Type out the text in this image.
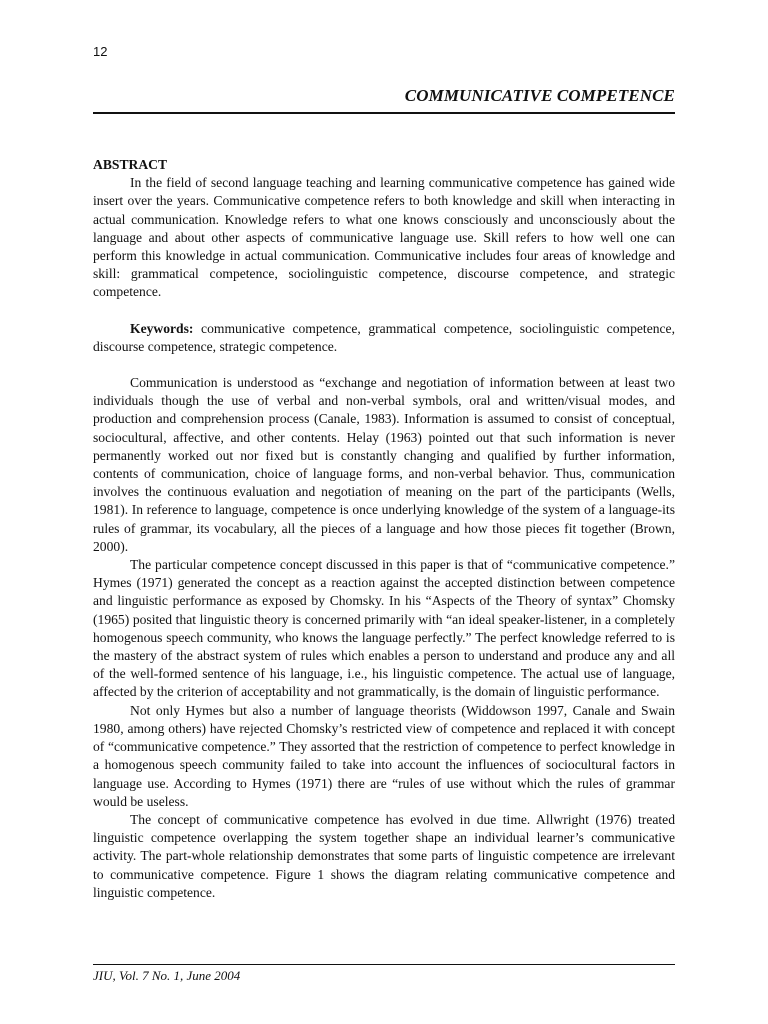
12
COMMUNICATIVE COMPETENCE

ABSTRACT

In the field of second language teaching and learning communicative competence has gained wide insert over the years. Communicative competence refers to both knowledge and skill when interacting in actual communication. Knowledge refers to what one knows consciously and unconsciously about the language and about other aspects of communicative language use. Skill refers to how well one can perform this knowledge in actual communication. Communicative includes four areas of knowledge and skill: grammatical competence, sociolinguistic competence, discourse competence, and strategic competence.

Keywords: communicative competence, grammatical competence, sociolinguistic competence, discourse competence, strategic competence.

Communication is understood as “exchange and negotiation of information between at least two individuals though the use of verbal and non-verbal symbols, oral and written/visual modes, and production and comprehension process (Canale, 1983). Information is assumed to consist of conceptual, sociocultural, affective, and other contents. Helay (1963) pointed out that such information is never permanently worked out nor fixed but is constantly changing and qualified by further information, contents of communication, choice of language forms, and non-verbal behavior. Thus, communication involves the continuous evaluation and negotiation of meaning on the part of the participants (Wells, 1981). In reference to language, competence is once underlying knowledge of the system of a language-its rules of grammar, its vocabulary, all the pieces of a language and how those pieces fit together (Brown, 2000).

The particular competence concept discussed in this paper is that of “communicative competence.” Hymes (1971) generated the concept as a reaction against the accepted distinction between competence and linguistic performance as exposed by Chomsky. In his “Aspects of the Theory of syntax” Chomsky (1965) posited that linguistic theory is concerned primarily with “an ideal speaker-listener, in a completely homogenous speech community, who knows the language perfectly.” The perfect knowledge referred to is the mastery of the abstract system of rules which enables a person to understand and produce any and all of the well-formed sentence of his language, i.e., his linguistic competence. The actual use of language, affected by the criterion of acceptability and not grammatically, is the domain of linguistic performance.

Not only Hymes but also a number of language theorists (Widdowson 1997, Canale and Swain 1980, among others) have rejected Chomsky’s restricted view of competence and replaced it with concept of “communicative competence.” They assorted that the restriction of competence to perfect knowledge in a homogenous speech community failed to take into account the influences of sociocultural factors in language use. According to Hymes (1971) there are “rules of use without which the rules of grammar would be useless.

The concept of communicative competence has evolved in due time. Allwright (1976) treated linguistic competence overlapping the system together shape an individual learner’s communicative activity. The part-whole relationship demonstrates that some parts of linguistic competence are irrelevant to communicative competence. Figure 1 shows the diagram relating communicative competence and linguistic competence.

JIU, Vol. 7 No. 1, June 2004
